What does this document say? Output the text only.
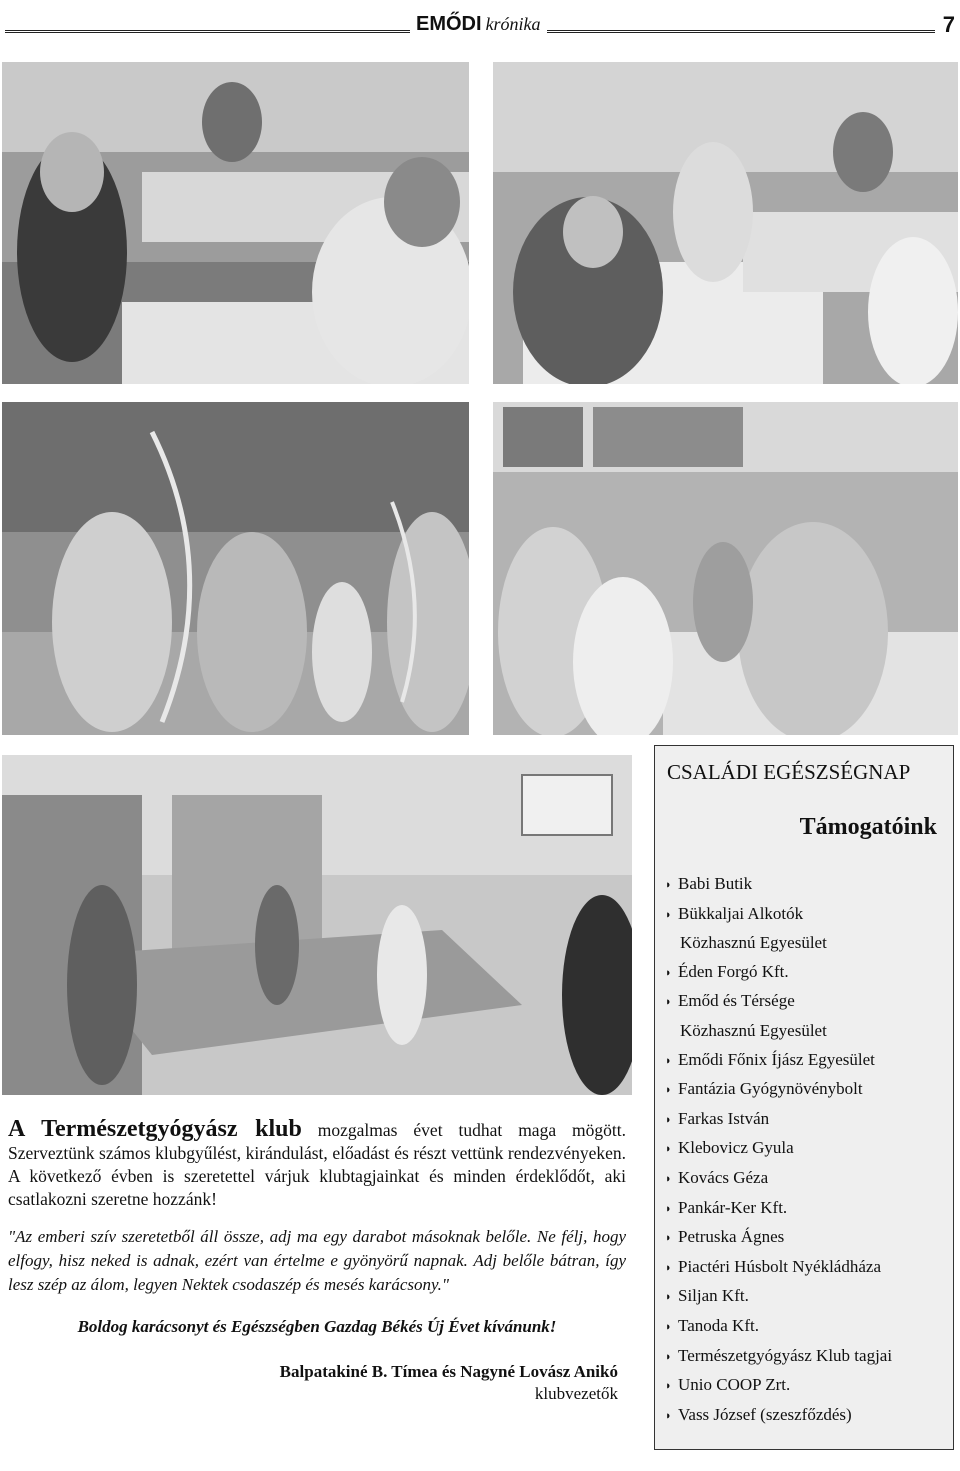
EMŐDI krónika	7

A Természetgyógyász klub mozgalmas évet tudhat maga mögött. Szerveztünk számos klubgyűlést, kirándulást, előadást és részt vettünk rendezvényeken. A következő évben is szeretettel várjuk klubtagjainkat és minden érdeklődőt, aki csatlakozni szeretne hozzánk!

"Az emberi szív szeretetből áll össze, adj ma egy darabot másoknak belőle. Ne félj, hogy elfogy, hisz neked is adnak, ezért van értelme e gyönyörű napnak. Adj belőle bátran, így lesz szép az álom, legyen Nektek csodaszép és mesés karácsony."

Boldog karácsonyt és Egészségben Gazdag Békés Új Évet kívánunk!

Balpatakiné B. Tímea és Nagyné Lovász Anikó

klubvezetők

CSALÁDI EGÉSZSÉGNAP
Támogatóink
◗ Babi Butik
◗ Bükkaljai Alkotók
Közhasznú Egyesület
◗ Éden Forgó Kft.
◗ Emőd és Térsége
Közhasznú Egyesület
◗ Emődi Főnix Íjász Egyesület
◗ Fantázia Gyógynövénybolt
◗ Farkas István
◗ Klebovicz Gyula
◗ Kovács Géza
◗ Pankár-Ker Kft.
◗ Petruska Ágnes
◗ Piactéri Húsbolt Nyékládháza
◗ Siljan Kft.
◗ Tanoda Kft.
◗ Természetgyógyász Klub tagjai
◗ Unio COOP Zrt.
◗ Vass József (szeszfőzdés)
